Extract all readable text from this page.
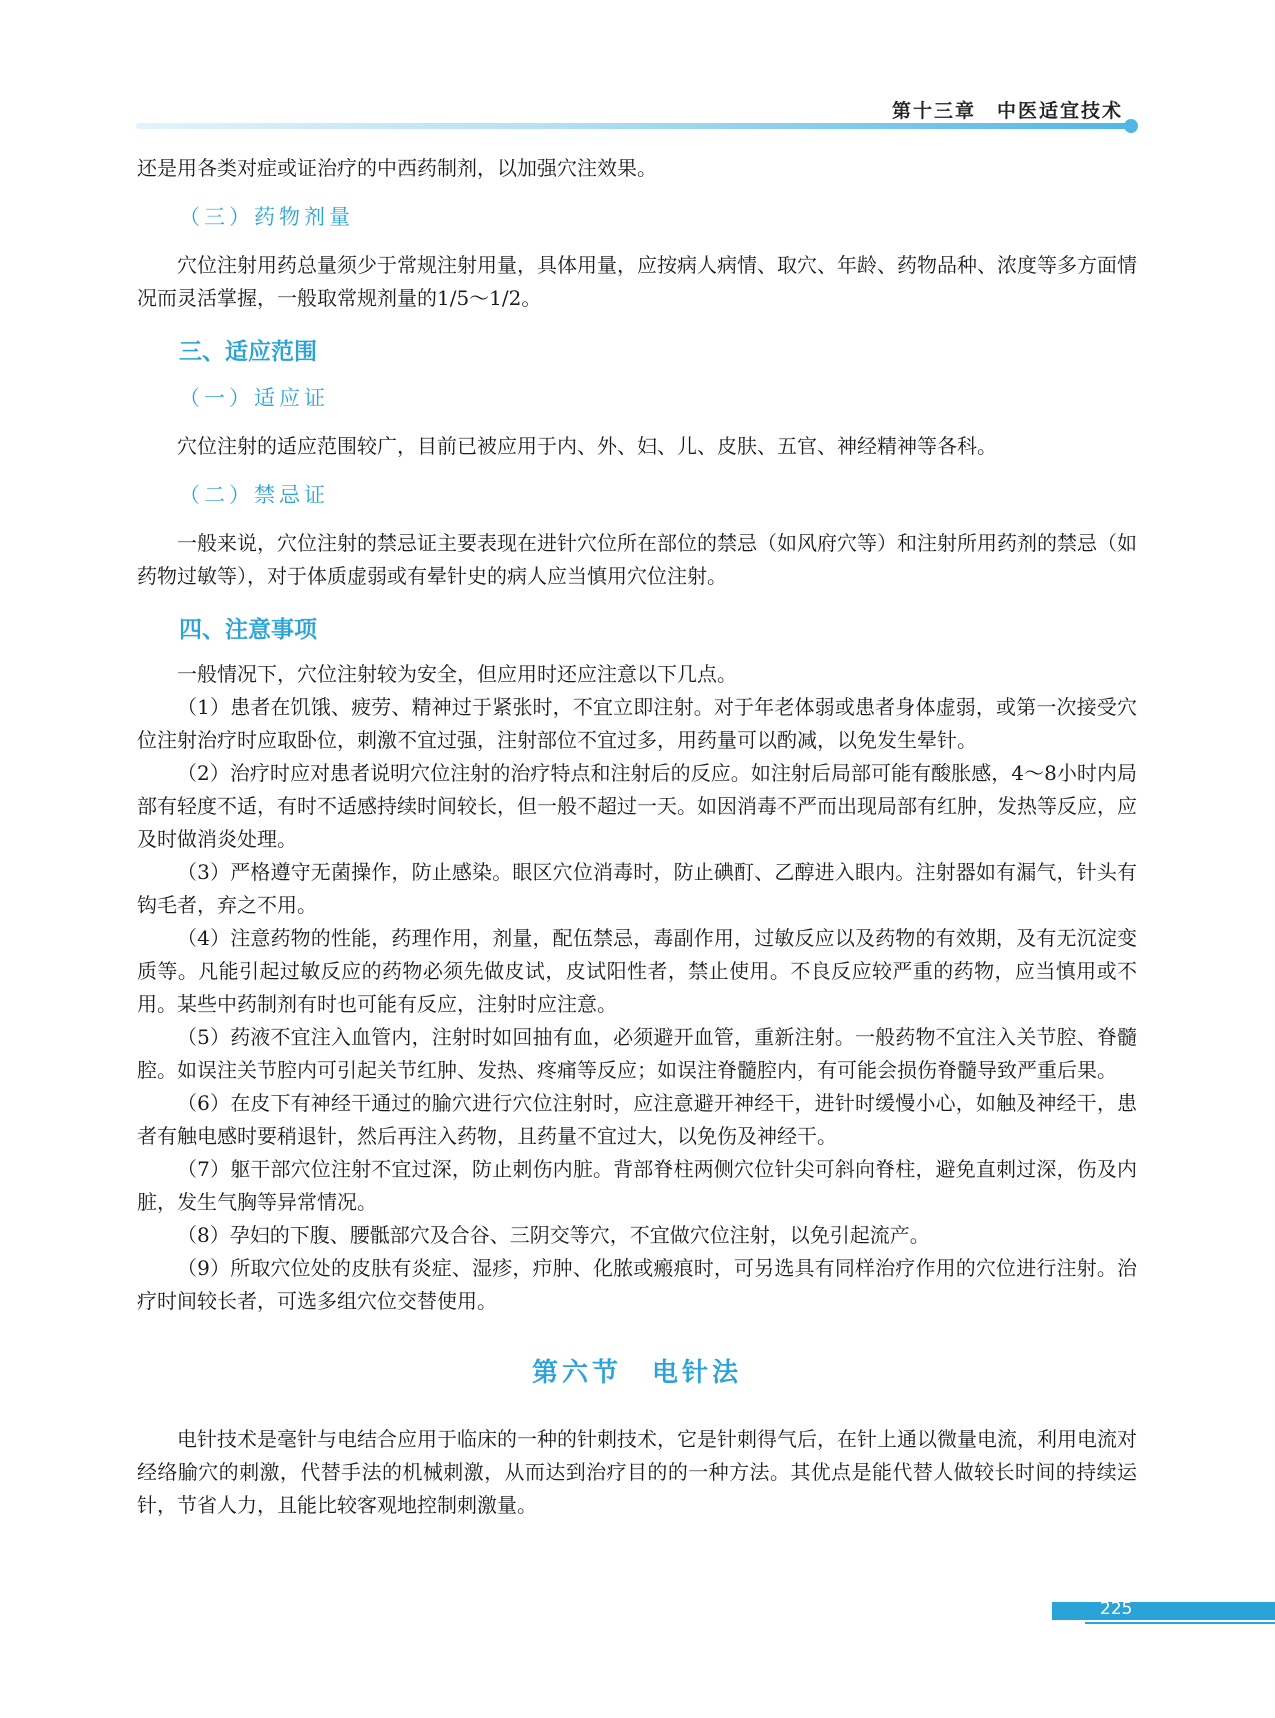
第十三章　中医适宜技术

还是用各类对症或证治疗的中西药制剂，以加强穴注效果。

（三）药物剂量

穴位注射用药总量须少于常规注射用量，具体用量，应按病人病情、取穴、年龄、药物品种、浓度等多方面情况而灵活掌握，一般取常规剂量的1/5～1/2。

三、适应范围
（一）适应证

穴位注射的适应范围较广，目前已被应用于内、外、妇、儿、皮肤、五官、神经精神等各科。

（二）禁忌证

一般来说，穴位注射的禁忌证主要表现在进针穴位所在部位的禁忌（如风府穴等）和注射所用药剂的禁忌（如药物过敏等），对于体质虚弱或有晕针史的病人应当慎用穴位注射。

四、注意事项

一般情况下，穴位注射较为安全，但应用时还应注意以下几点。

（1）患者在饥饿、疲劳、精神过于紧张时，不宜立即注射。对于年老体弱或患者身体虚弱，或第一次接受穴位注射治疗时应取卧位，刺激不宜过强，注射部位不宜过多，用药量可以酌减，以免发生晕针。

（2）治疗时应对患者说明穴位注射的治疗特点和注射后的反应。如注射后局部可能有酸胀感，4～8小时内局部有轻度不适，有时不适感持续时间较长，但一般不超过一天。如因消毒不严而出现局部有红肿，发热等反应，应及时做消炎处理。

（3）严格遵守无菌操作，防止感染。眼区穴位消毒时，防止碘酊、乙醇进入眼内。注射器如有漏气，针头有钩毛者，弃之不用。

（4）注意药物的性能，药理作用，剂量，配伍禁忌，毒副作用，过敏反应以及药物的有效期，及有无沉淀变质等。凡能引起过敏反应的药物必须先做皮试，皮试阳性者，禁止使用。不良反应较严重的药物，应当慎用或不用。某些中药制剂有时也可能有反应，注射时应注意。

（5）药液不宜注入血管内，注射时如回抽有血，必须避开血管，重新注射。一般药物不宜注入关节腔、脊髓腔。如误注关节腔内可引起关节红肿、发热、疼痛等反应；如误注脊髓腔内，有可能会损伤脊髓导致严重后果。

（6）在皮下有神经干通过的腧穴进行穴位注射时，应注意避开神经干，进针时缓慢小心，如触及神经干，患者有触电感时要稍退针，然后再注入药物，且药量不宜过大，以免伤及神经干。

（7）躯干部穴位注射不宜过深，防止刺伤内脏。背部脊柱两侧穴位针尖可斜向脊柱，避免直刺过深，伤及内脏，发生气胸等异常情况。

（8）孕妇的下腹、腰骶部穴及合谷、三阴交等穴，不宜做穴位注射，以免引起流产。

（9）所取穴位处的皮肤有炎症、湿疹，疖肿、化脓或瘢痕时，可另选具有同样治疗作用的穴位进行注射。治疗时间较长者，可选多组穴位交替使用。

第六节　电针法

电针技术是毫针与电结合应用于临床的一种的针刺技术，它是针刺得气后，在针上通以微量电流，利用电流对经络腧穴的刺激，代替手法的机械刺激，从而达到治疗目的的一种方法。其优点是能代替人做较长时间的持续运针，节省人力，且能比较客观地控制刺激量。

225
